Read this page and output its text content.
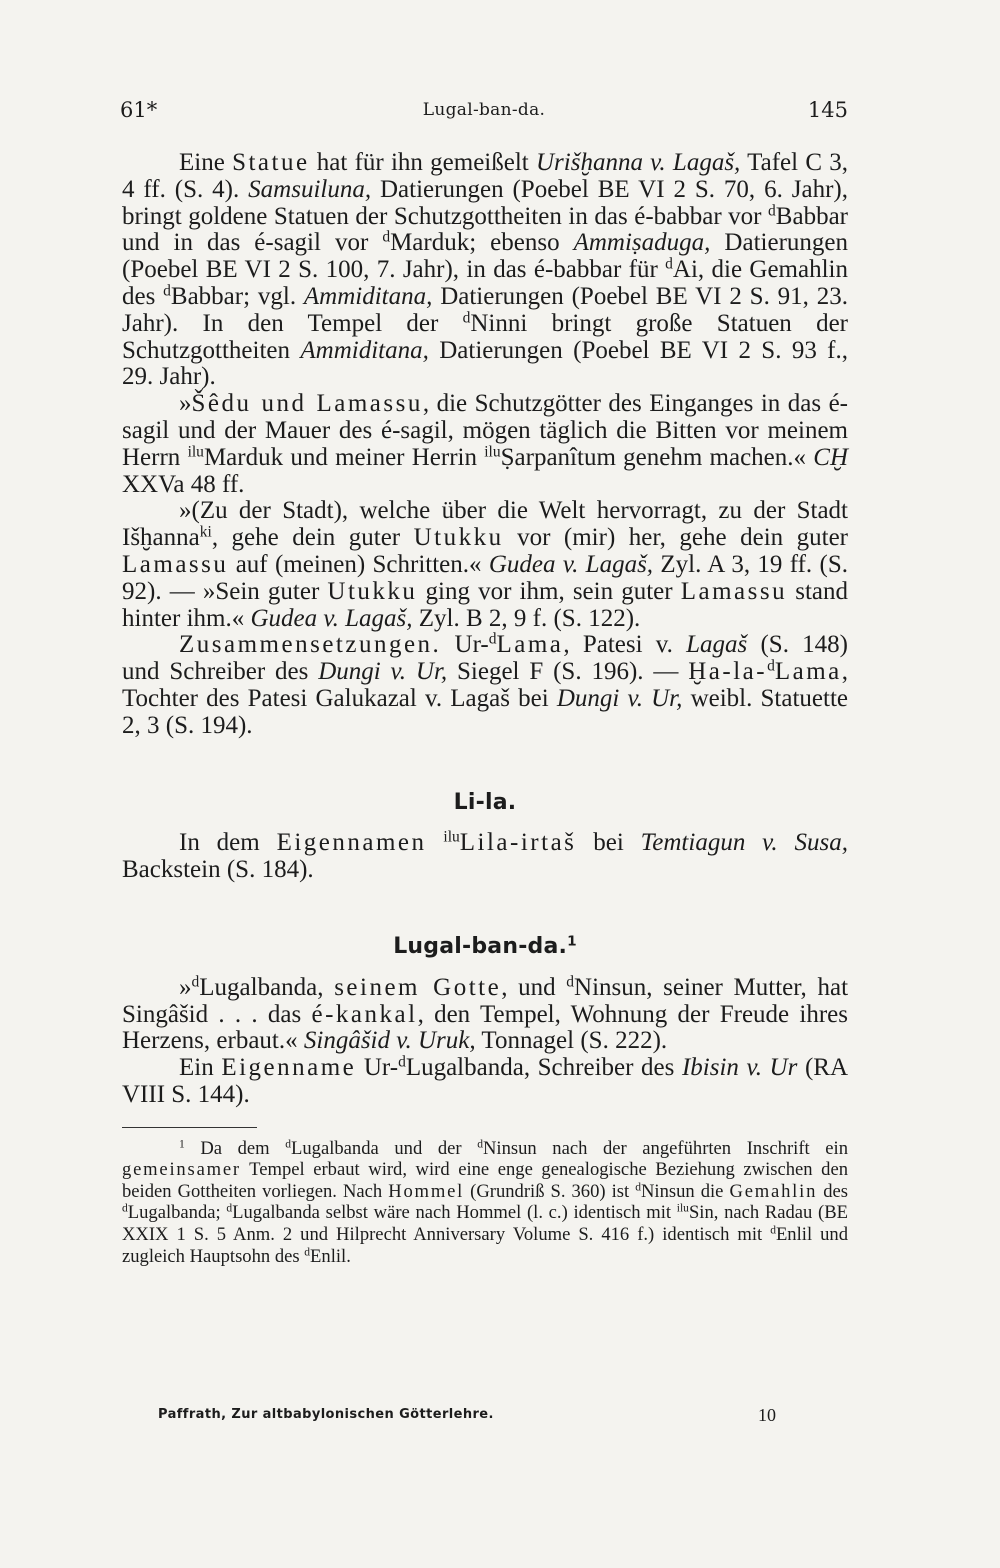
61*	Lugal-ban-da.	145

Eine Statue hat für ihn gemeißelt Urišḫanna v. Lagaš, Tafel C 3, 4 ff. (S. 4). Samsuiluna, Datierungen (Poebel BE VI 2 S. 70, 6. Jahr), bringt goldene Statuen der Schutzgottheiten in das é-babbar vor $^d$Babbar und in das é-sagil vor $^d$Marduk; ebenso Ammiṣaduga, Datierungen (Poebel BE VI 2 S. 100, 7. Jahr), in das é-babbar für $^d$Ai, die Gemahlin des $^d$Babbar; vgl. Ammiditana, Datierungen (Poebel BE VI 2 S. 91, 23. Jahr). In den Tempel der $^d$Ninni bringt große Statuen der Schutzgottheiten Ammiditana, Datierungen (Poebel BE VI 2 S. 93 f., 29. Jahr).

»Šêdu und Lamassu, die Schutzgötter des Einganges in das é-sagil und der Mauer des é-sagil, mögen täglich die Bitten vor meinem Herrn $^{ilu}$Marduk und meiner Herrin $^{ilu}$Ṣarpanîtum genehm machen.« CḪ XXVa 48 ff.

»(Zu der Stadt), welche über die Welt hervorragt, zu der Stadt Išḫanna$^{ki}$, gehe dein guter Utukku vor (mir) her, gehe dein guter Lamassu auf (meinen) Schritten.« Gudea v. Lagaš, Zyl. A 3, 19 ff. (S. 92). — »Sein guter Utukku ging vor ihm, sein guter Lamassu stand hinter ihm.« Gudea v. Lagaš, Zyl. B 2, 9 f. (S. 122).

Zusammensetzungen. Ur-$^d$Lama, Patesi v. Lagaš (S. 148) und Schreiber des Dungi v. Ur, Siegel F (S. 196). — Ḫa-la-$^d$Lama, Tochter des Patesi Galukazal v. Lagaš bei Dungi v. Ur, weibl. Statuette 2, 3 (S. 194).

Li-la.

In dem Eigennamen $^{ilu}$Lila-irtaš bei Temtiagun v. Susa, Backstein (S. 184).

Lugal-ban-da.$^1$

»$^d$Lugalbanda, seinem Gotte, und $^d$Ninsun, seiner Mutter, hat Singâšid . . . das é-kankal, den Tempel, Wohnung der Freude ihres Herzens, erbaut.« Singâšid v. Uruk, Tonnagel (S. 222).

Ein Eigenname Ur-$^d$Lugalbanda, Schreiber des Ibisin v. Ur (RA VIII S. 144).

$^1$ Da dem $^d$Lugalbanda und der $^d$Ninsun nach der angeführten Inschrift ein gemeinsamer Tempel erbaut wird, wird eine enge genealogische Beziehung zwischen den beiden Gottheiten vorliegen. Nach Hommel (Grundriß S. 360) ist $^d$Ninsun die Gemahlin des $^d$Lugalbanda; $^d$Lugalbanda selbst wäre nach Hommel (l. c.) identisch mit $^{ilu}$Sin, nach Radau (BE XXIX 1 S. 5 Anm. 2 und Hilprecht Anniversary Volume S. 416 f.) identisch mit $^d$Enlil und zugleich Hauptsohn des $^d$Enlil.

Paffrath, Zur altbabylonischen Götterlehre.	10
